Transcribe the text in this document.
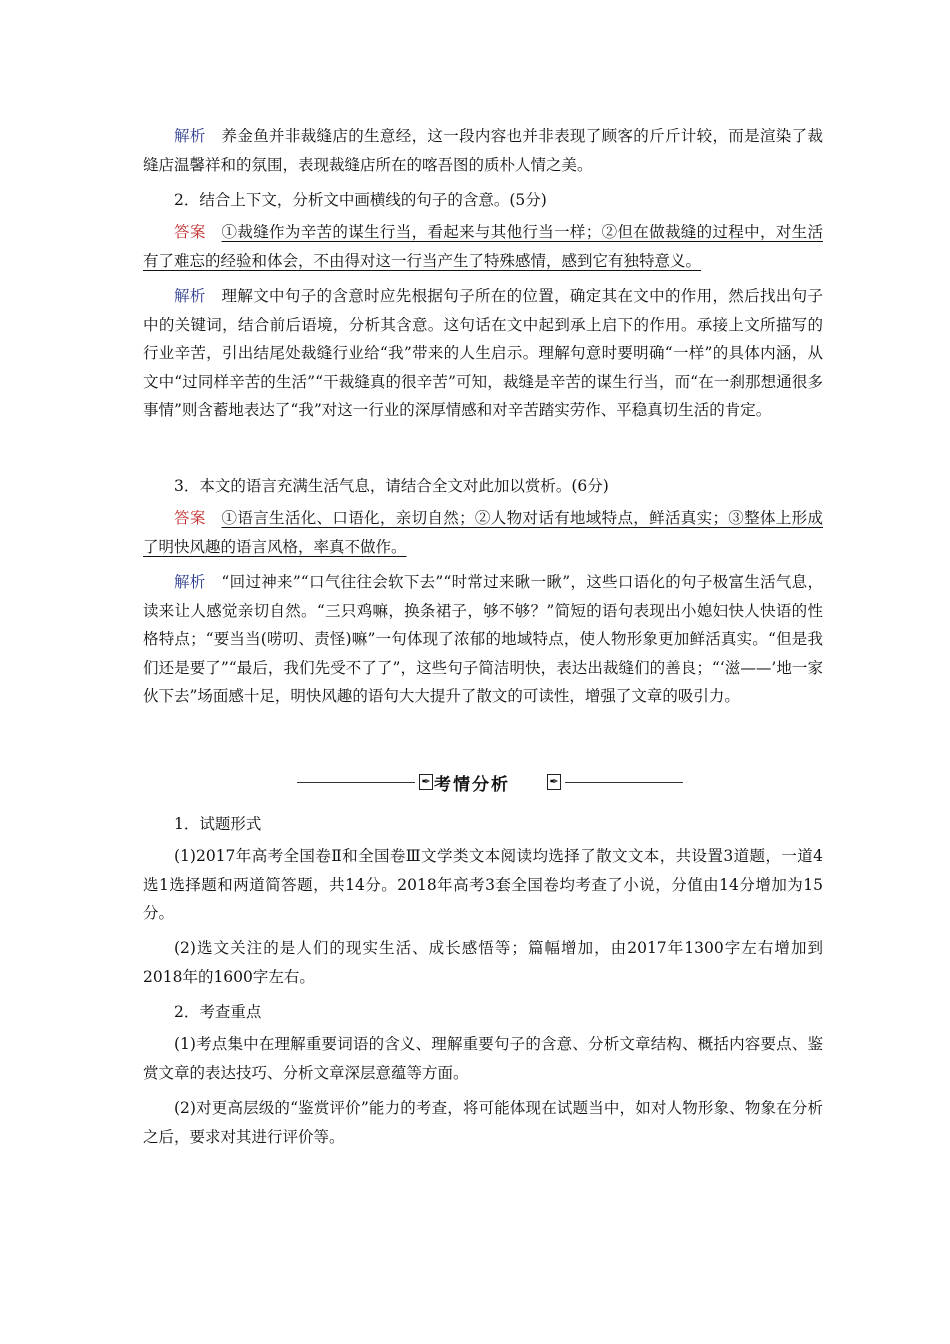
解析　 养金鱼并非裁缝店的生意经，这一段内容也并非表现了顾客的斤斤计较，而是渲染了裁缝店温馨祥和的氛围，表现裁缝店所在的喀吾图的质朴人情之美。
2．结合上下文，分析文中画横线的句子的含意。(5分)
答案　 ①裁缝作为辛苦的谋生行当，看起来与其他行当一样；②但在做裁缝的过程中，对生活有了难忘的经验和体会，不由得对这一行当产生了特殊感情，感到它有独特意义。
解析　 理解文中句子的含意时应先根据句子所在的位置，确定其在文中的作用，然后找出句子中的关键词，结合前后语境，分析其含意。这句话在文中起到承上启下的作用。承接上文所描写的行业辛苦，引出结尾处裁缝行业给“我”带来的人生启示。理解句意时要明确“一样”的具体内涵，从文中“过同样辛苦的生活”“干裁缝真的很辛苦”可知，裁缝是辛苦的谋生行当，而“在一刹那想通很多事情”则含蓄地表达了“我”对这一行业的深厚情感和对辛苦踏实劳作、平稳真切生活的肯定。
3．本文的语言充满生活气息，请结合全文对此加以赏析。(6分)
答案　 ①语言生活化、口语化，亲切自然；②人物对话有地域特点，鲜活真实；③整体上形成了明快风趣的语言风格，率真不做作。
解析　 “回过神来”“口气往往会软下去”“时常过来瞅一瞅”，这些口语化的句子极富生活气息，读来让人感觉亲切自然。“三只鸡嘛，换条裙子，够不够？”简短的语句表现出小媳妇快人快语的性格特点；“要当当(唠叨、责怪)嘛”一句体现了浓郁的地域特点，使人物形象更加鲜活真实。“但是我们还是要了”“最后，我们先受不了了”，这些句子简洁明快，表达出裁缝们的善良；“‘滋——’地一家伙下去”场面感十足，明快风趣的语句大大提升了散文的可读性，增强了文章的吸引力。
✒ 考情分析	✒
1．试题形式
(1)2017年高考全国卷Ⅱ和全国卷Ⅲ文学类文本阅读均选择了散文文本，共设置3道题，一道4选1选择题和两道简答题，共14分。2018年高考3套全国卷均考查了小说，分值由14分增加为15分。
(2)选文关注的是人们的现实生活、成长感悟等；篇幅增加，由2017年1300字左右增加到2018年的1600字左右。
2．考查重点
(1)考点集中在理解重要词语的含义、理解重要句子的含意、分析文章结构、概括内容要点、鉴赏文章的表达技巧、分析文章深层意蕴等方面。
(2)对更高层级的“鉴赏评价”能力的考查，将可能体现在试题当中，如对人物形象、物象在分析之后，要求对其进行评价等。
